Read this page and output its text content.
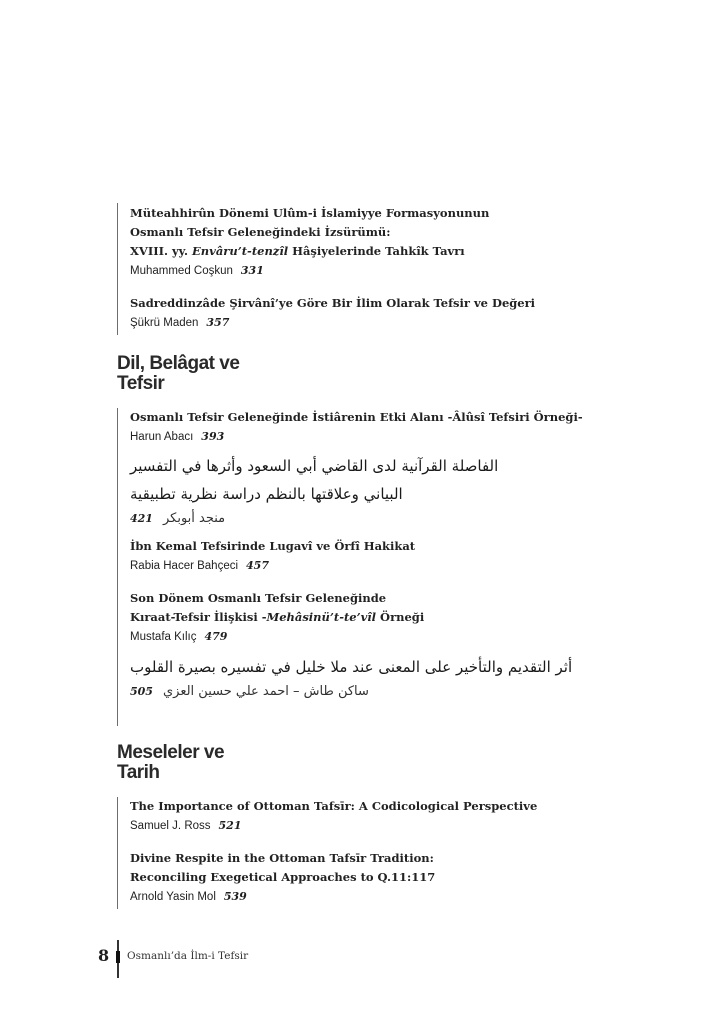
Müteahhirûn Dönemi Ulûm-i İslamiyye Formasyonunun
Osmanlı Tefsir Geleneğindeki İzsürümü:
XVIII. yy. Envâru’t-tenzîl Hâşiyelerinde Tahkîk Tavrı
Muhammed Coşkun 331
Sadreddinzâde Şirvânî’ye Göre Bir İlim Olarak Tefsir ve Değeri
Şükrü Maden 357
Dil, Belâgat ve
Tefsir
Osmanlı Tefsir Geleneğinde İstiârenin Etki Alanı -Âlûsî Tefsiri Örneği-
Harun Abacı 393
الفاصلة القرآنية لدى القاضي أبي السعود وأثرها في التفسير
البياني وعلاقتها بالنظم دراسة نظرية تطبيقية
421 منجد أبوبكر
İbn Kemal Tefsirinde Lugavî ve Örfî Hakikat
Rabia Hacer Bahçeci 457
Son Dönem Osmanlı Tefsir Geleneğinde
Kıraat-Tefsir İlişkisi -Mehâsinü’t-te’vîl Örneği
Mustafa Kılıç 479
أثر التقديم والتأخير على المعنى عند ملا خليل في تفسيره بصيرة القلوب
505 ساكن طاش – احمد علي حسين العزي
Meseleler ve
Tarih
The Importance of Ottoman Tafsīr: A Codicological Perspective
Samuel J. Ross 521
Divine Respite in the Ottoman Tafsīr Tradition:
Reconciling Exegetical Approaches to Q.11:117
Arnold Yasin Mol 539
8 Osmanlı’da İlm-i Tefsir
